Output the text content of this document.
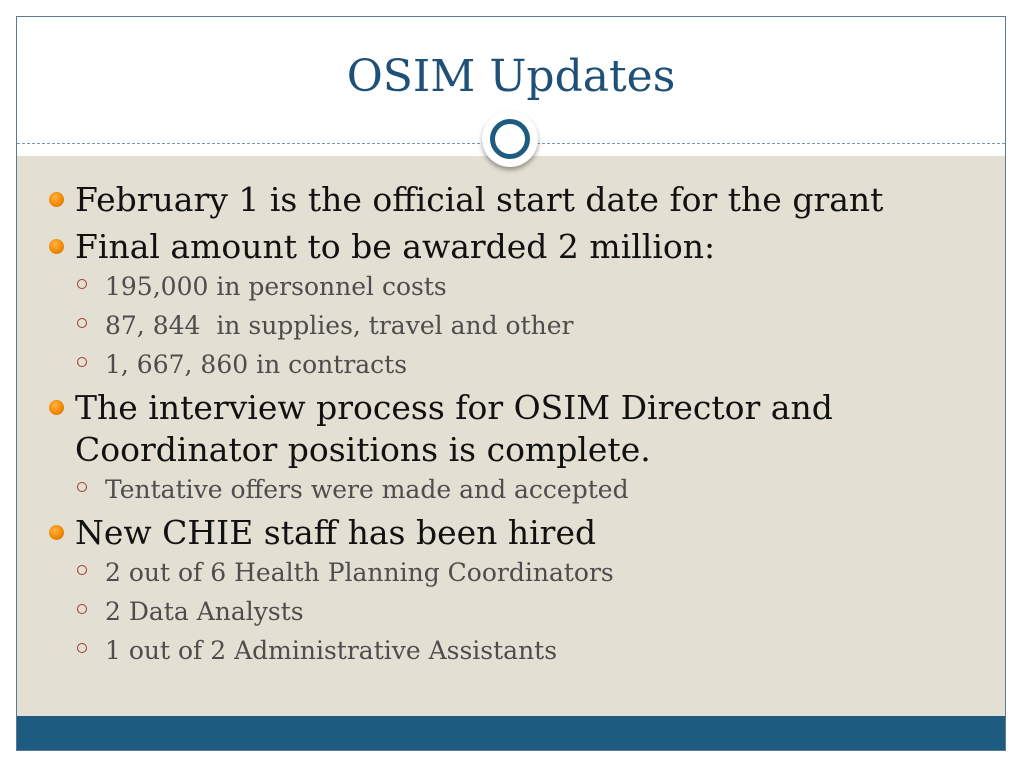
OSIM Updates
February 1 is the official start date for the grant
Final amount to be awarded 2 million:
195,000 in personnel costs
87, 844  in supplies, travel and other
1, 667, 860 in contracts
The interview process for OSIM Director and Coordinator positions is complete.
Tentative offers were made and accepted
New CHIE staff has been hired
2 out of 6 Health Planning Coordinators
2 Data Analysts
1 out of 2 Administrative Assistants
